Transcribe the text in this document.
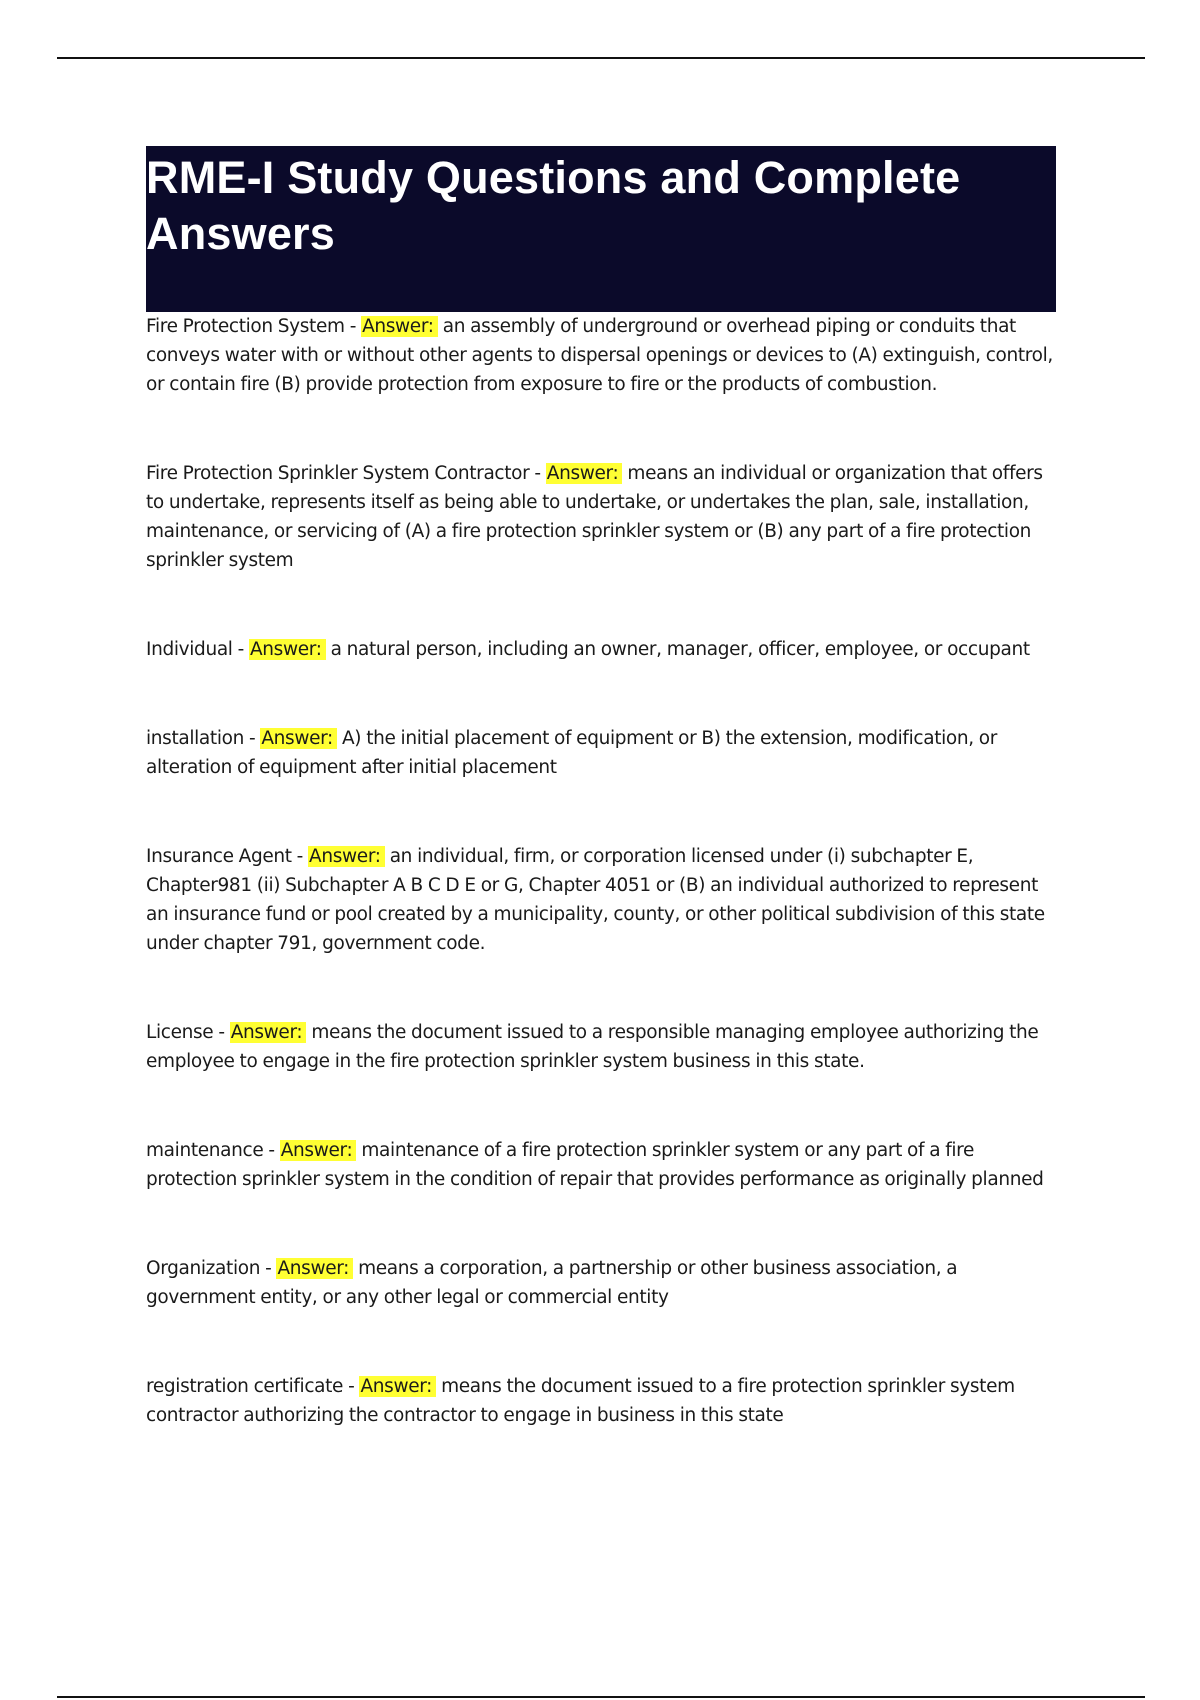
RME-I Study Questions and Complete Answers
Fire Protection System - Answer: an assembly of underground or overhead piping or conduits that conveys water with or without other agents to dispersal openings or devices to (A) extinguish, control, or contain fire (B) provide protection from exposure to fire or the products of combustion.
Fire Protection Sprinkler System Contractor - Answer: means an individual or organization that offers to undertake, represents itself as being able to undertake, or undertakes the plan, sale, installation, maintenance, or servicing of (A) a fire protection sprinkler system or (B) any part of a fire protection sprinkler system
Individual - Answer: a natural person, including an owner, manager, officer, employee, or occupant
installation - Answer: A) the initial placement of equipment or B) the extension, modification, or alteration of equipment after initial placement
Insurance Agent - Answer: an individual, firm, or corporation licensed under (i) subchapter E, Chapter981 (ii) Subchapter A B C D E or G, Chapter 4051 or (B) an individual authorized to represent an insurance fund or pool created by a municipality, county, or other political subdivision of this state under chapter 791, government code.
License - Answer: means the document issued to a responsible managing employee authorizing the employee to engage in the fire protection sprinkler system business in this state.
maintenance - Answer: maintenance of a fire protection sprinkler system or any part of a fire protection sprinkler system in the condition of repair that provides performance as originally planned
Organization - Answer: means a corporation, a partnership or other business association, a government entity, or any other legal or commercial entity
registration certificate - Answer: means the document issued to a fire protection sprinkler system contractor authorizing the contractor to engage in business in this state
